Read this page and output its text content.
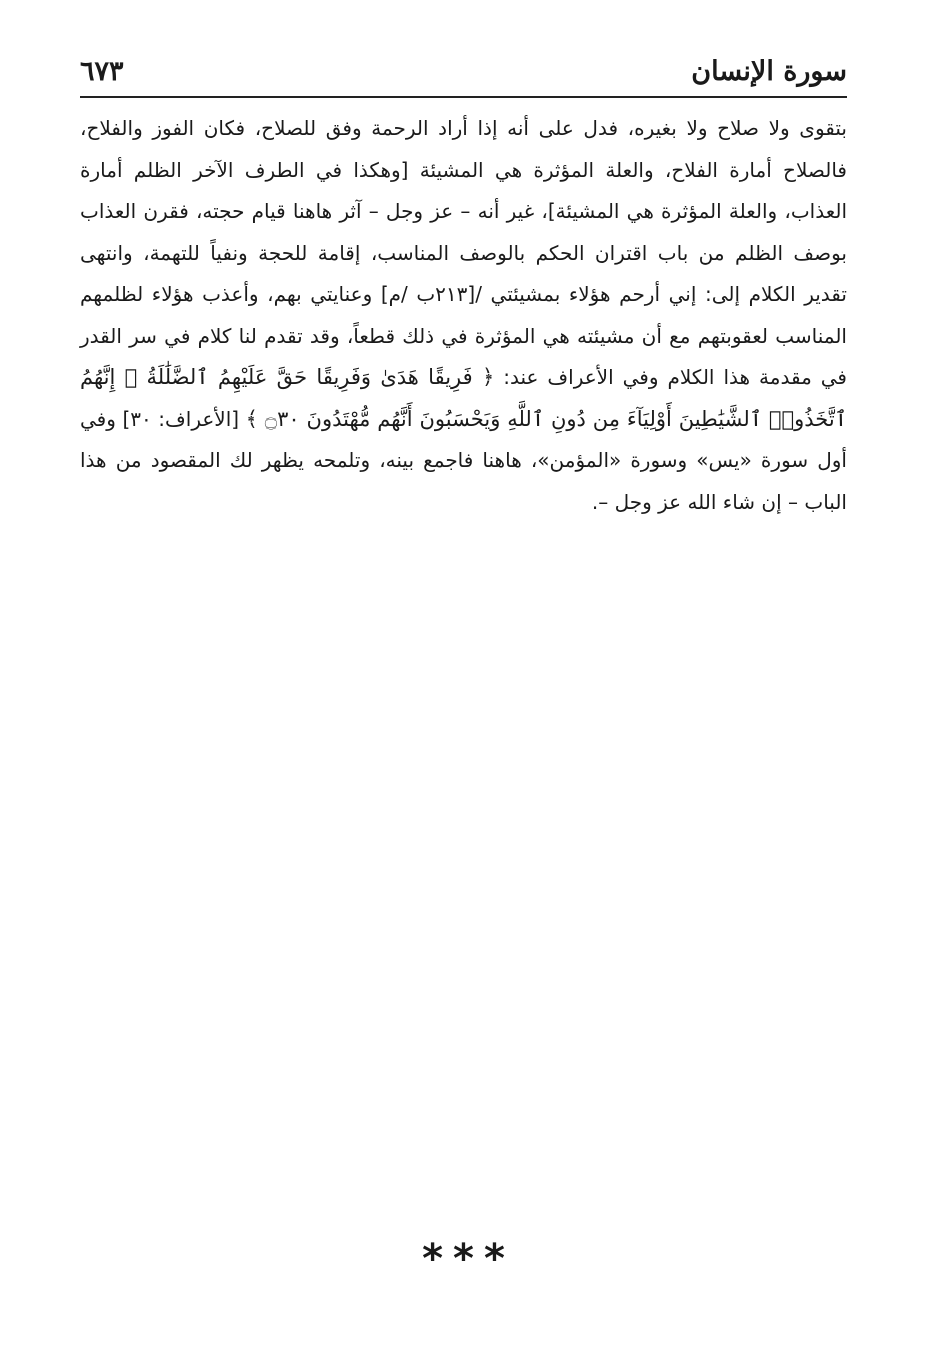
سورة الإنسان
٦٧٣

بتقوى ولا صلاح ولا بغيره، فدل على أنه إذا أراد الرحمة وفق للصلاح، فكان الفوز والفلاح، فالصلاح أمارة الفلاح، والعلة المؤثرة هي المشيئة [وهكذا في الطرف الآخر الظلم أمارة العذاب، والعلة المؤثرة هي المشيئة]، غير أنه – عز وجل – آثر هاهنا قيام حجته، فقرن العذاب بوصف الظلم من باب اقتران الحكم بالوصف المناسب، إقامة للحجة ونفياً للتهمة، وانتهى تقدير الكلام إلى: إني أرحم هؤلاء بمشيئتي /[٢١٣ب /م] وعنايتي بهم، وأعذب هؤلاء لظلمهم المناسب لعقوبتهم مع أن مشيئته هي المؤثرة في ذلك قطعاً، وقد تقدم لنا كلام في سر القدر في مقدمة هذا الكلام وفي الأعراف عند: ﴿ فَرِيقًا هَدَىٰ وَفَرِيقًا حَقَّ عَلَيْهِمُ ٱلضَّلَٰلَةُ ۗ إِنَّهُمُ ٱتَّخَذُوا۟ ٱلشَّيَٰطِينَ أَوْلِيَآءَ مِن دُونِ ٱللَّهِ وَيَحْسَبُونَ أَنَّهُم مُّهْتَدُونَ ۝٣٠ ﴾ [الأعراف: ٣٠] وفي أول سورة «يس» وسورة «المؤمن»، هاهنا فاجمع بينه، وتلمحه يظهر لك المقصود من هذا الباب – إن شاء الله عز وجل –.

***
